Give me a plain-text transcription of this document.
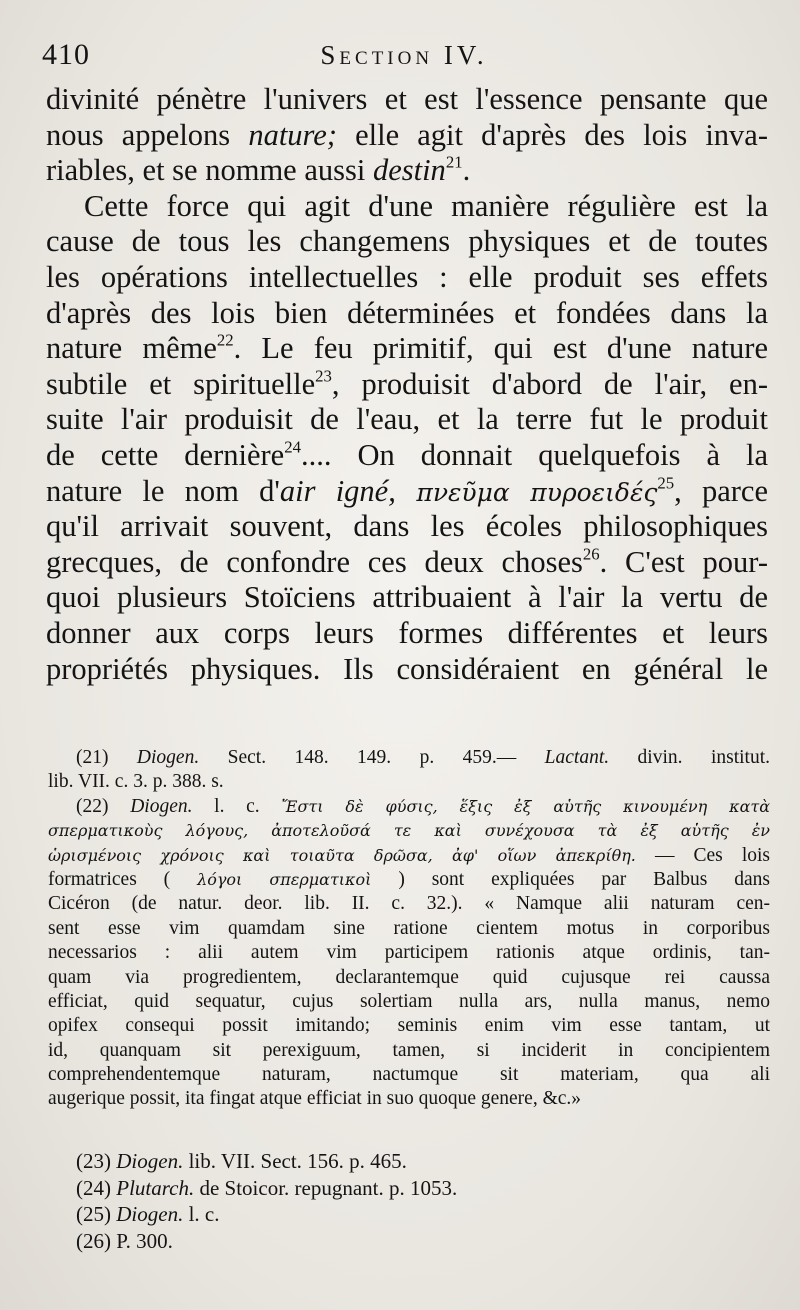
410	Section IV.

divinité pénètre l'univers et est l'essence pensante que
nous appelons nature; elle agit d'après des lois inva-
riables, et se nomme aussi destin$^{21}$.

Cette force qui agit d'une manière régulière est la
cause de tous les changemens physiques et de toutes
les opérations intellectuelles : elle produit ses effets
d'après des lois bien déterminées et fondées dans la
nature même$^{22}$. Le feu primitif, qui est d'une nature
subtile et spirituelle$^{23}$, produisit d'abord de l'air, en-
suite l'air produisit de l'eau, et la terre fut le produit
de cette dernière$^{24}$.... On donnait quelquefois à la
nature le nom d'air igné, πνεῦμα πυροειδές$^{25}$, parce
qu'il arrivait souvent, dans les écoles philosophiques
grecques, de confondre ces deux choses$^{26}$. C'est pour-
quoi plusieurs Stoïciens attribuaient à l'air la vertu de
donner aux corps leurs formes différentes et leurs
propriétés physiques. Ils considéraient en général le

(21) Diogen. Sect. 148. 149. p. 459.— Lactant. divin. institut.
lib. VII. c. 3. p. 388. s.
(22) Diogen. l. c. Ἔστι δὲ φύσις, ἕξις ἐξ αὑτῆς κινουμένη κατὰ
σπερματικοὺς λόγους, ἀποτελοῦσά τε καὶ συνέχουσα τὰ ἐξ αὑτῆς ἐν
ὡρισμένοις χρόνοις καὶ τοιαῦτα δρῶσα, ἀφ' οἵων ἀπεκρίθη. — Ces lois
formatrices ( λόγοι σπερματικοὶ ) sont expliquées par Balbus dans
Cicéron (de natur. deor. lib. II. c. 32.). « Namque alii naturam cen-
sent esse vim quamdam sine ratione cientem motus in corporibus
necessarios : alii autem vim participem rationis atque ordinis, tan-
quam via progredientem, declarantemque quid cujusque rei caussa
efficiat, quid sequatur, cujus solertiam nulla ars, nulla manus, nemo
opifex consequi possit imitando; seminis enim vim esse tantam, ut
id, quanquam sit perexiguum, tamen, si inciderit in concipientem
comprehendentemque naturam, nactumque sit materiam, qua ali
augerique possit, ita fingat atque efficiat in suo quoque genere, &c.»
(23) Diogen. lib. VII. Sect. 156. p. 465.
(24) Plutarch. de Stoicor. repugnant. p. 1053.
(25) Diogen. l. c.
(26) P. 300.
